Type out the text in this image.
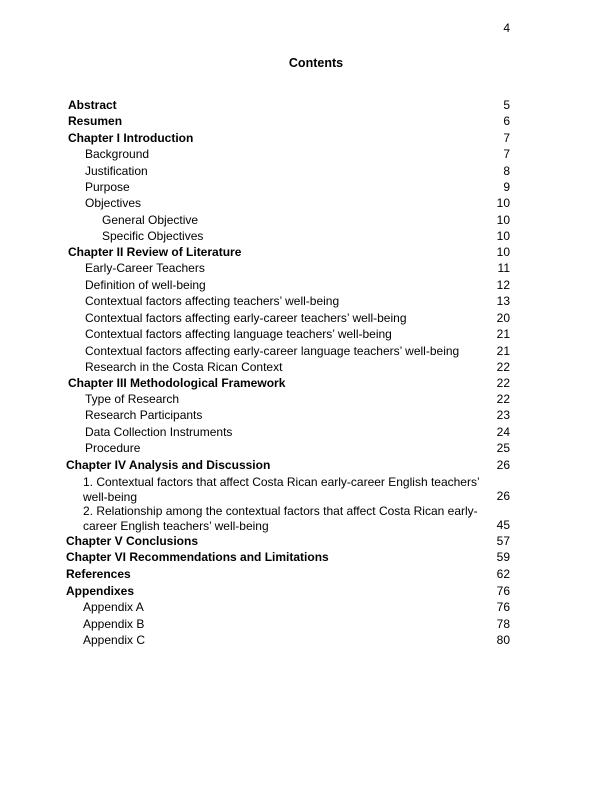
4
Contents
Abstract	5
Resumen	6
Chapter I Introduction	7
Background	7
Justification	8
Purpose	9
Objectives	10
General Objective	10
Specific Objectives	10
Chapter II Review of Literature	10
Early-Career Teachers	11
Definition of well-being	12
Contextual factors affecting teachers’ well-being	13
Contextual factors affecting early-career teachers’ well-being	20
Contextual factors affecting language teachers’ well-being	21
Contextual factors affecting early-career language teachers’ well-being	21
Research in the Costa Rican Context	22
Chapter III Methodological Framework	22
Type of Research	22
Research Participants	23
Data Collection Instruments	24
Procedure	25
Chapter IV Analysis and Discussion	26
1. Contextual factors that affect Costa Rican early-career English teachers’ well-being	26
2. Relationship among the contextual factors that affect Costa Rican early-career English teachers’ well-being	45
Chapter V Conclusions	57
Chapter VI Recommendations and Limitations	59
References	62
Appendixes	76
Appendix A	76
Appendix B	78
Appendix C	80
